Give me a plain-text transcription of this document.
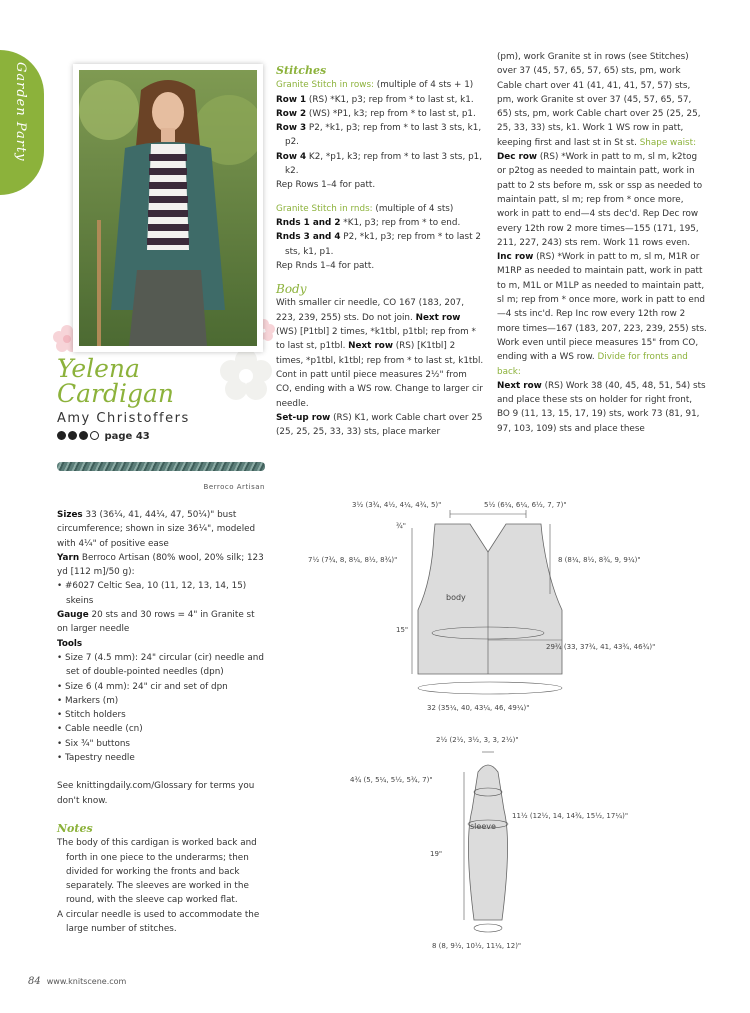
Garden Party
Yelena
Cardigan
Amy Christoffers
page 43
Berroco Artisan

Stitches

Granite Stitch in rows: (multiple of 4 sts + 1)

Row 1 (RS) *K1, p3; rep from * to last st, k1.

Row 2 (WS) *P1, k3; rep from * to last st, p1.

Row 3 P2, *k1, p3; rep from * to last 3 sts, k1, p2.

Row 4 K2, *p1, k3; rep from * to last 3 sts, p1, k2.

Rep Rows 1–4 for patt.

Granite Stitch in rnds: (multiple of 4 sts)

Rnds 1 and 2 *K1, p3; rep from * to end.

Rnds 3 and 4 P2, *k1, p3; rep from * to last 2 sts, k1, p1.

Rep Rnds 1–4 for patt.

Body

With smaller cir needle, CO 167 (183, 207, 223, 239, 255) sts. Do not join. Next row (WS) [P1tbl] 2 times, *k1tbl, p1tbl; rep from * to last st, p1tbl. Next row (RS) [K1tbl] 2 times, *p1tbl, k1tbl; rep from * to last st, k1tbl. Cont in patt until piece measures 2½" from CO, ending with a WS row. Change to larger cir needle.

Set-up row (RS) K1, work Cable chart over 25 (25, 25, 25, 33, 33) sts, place marker

(pm), work Granite st in rows (see Stitches) over 37 (45, 57, 65, 57, 65) sts, pm, work Cable chart over 41 (41, 41, 41, 57, 57) sts, pm, work Granite st over 37 (45, 57, 65, 57, 65) sts, pm, work Cable chart over 25 (25, 25, 25, 33, 33) sts, k1. Work 1 WS row in patt, keeping first and last st in St st. Shape waist: Dec row (RS) *Work in patt to m, sl m, k2tog or p2tog as needed to maintain patt, work in patt to 2 sts before m, ssk or ssp as needed to maintain patt, sl m; rep from * once more, work in patt to end—4 sts dec'd. Rep Dec row every 12th row 2 more times—155 (171, 195, 211, 227, 243) sts rem. Work 11 rows even. Inc row (RS) *Work in patt to m, sl m, M1R or M1RP as needed to maintain patt, work in patt to m, M1L or M1LP as needed to maintain patt, sl m; rep from * once more, work in patt to end—4 sts inc'd. Rep Inc row every 12th row 2 more times—167 (183, 207, 223, 239, 255) sts. Work even until piece measures 15" from CO, ending with a WS row. Divide for fronts and back:
Next row (RS) Work 38 (40, 45, 48, 51, 54) sts and place these sts on holder for right front, BO 9 (11, 13, 15, 17, 19) sts, work 73 (81, 91, 97, 103, 109) sts and place these

Sizes 33 (36¼, 41, 44¼, 47, 50¼)" bust circumference; shown in size 36¼", modeled with 4¼" of positive ease

Yarn Berroco Artisan (80% wool, 20% silk; 123 yd [112 m]/50 g):

• #6027 Celtic Sea, 10 (11, 12, 13, 14, 15) skeins

Gauge 20 sts and 30 rows = 4" in Granite st on larger needle

Tools

• Size 7 (4.5 mm): 24" circular (cir) needle and set of double-pointed needles (dpn)

• Size 6 (4 mm): 24" cir and set of dpn

• Markers (m)

• Stitch holders

• Cable needle (cn)

• Six ¾" buttons

• Tapestry needle

See knittingdaily.com/Glossary for terms you don't know.

Notes

The body of this cardigan is worked back and forth in one piece to the underarms; then divided for working the fronts and back separately. The sleeves are worked in the round, with the sleeve cap worked flat.

A circular needle is used to accommodate the large number of stitches.

3½ (3¾, 4½, 4¼, 4¾, 5)"	5½ (6¼, 6¼, 6½, 7, 7)"
¾"
7½ (7¾, 8, 8¼, 8½, 8¾)"	8 (8¼, 8½, 8¾, 9, 9¼)"
body
15"
29¾ (33, 37¾, 41, 43¾, 46¾)"
32 (35¼, 40, 43¼, 46, 49¼)"
2½ (2½, 3½, 3, 3, 2½)"
4¾ (5, 5¼, 5½, 5¾, 7)"
11½ (12½, 14, 14¾, 15½, 17¼)"
sleeve
19"
8 (8, 9½, 10½, 11¼, 12)"
84 www.knitscene.com
